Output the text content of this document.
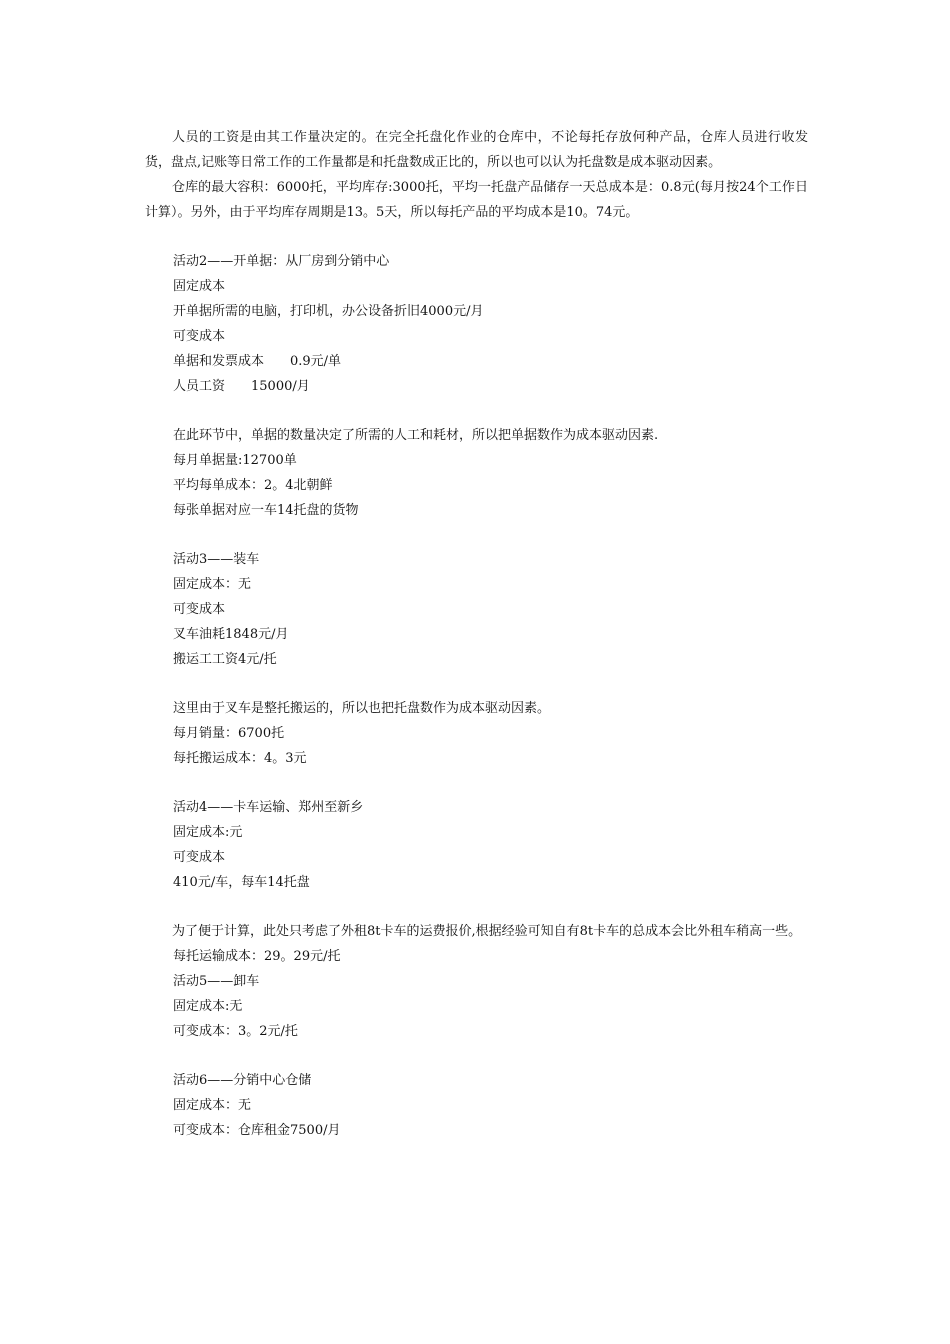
人员的工资是由其工作量决定的。在完全托盘化作业的仓库中，不论每托存放何种产品，仓库人员进行收发货，盘点,记账等日常工作的工作量都是和托盘数成正比的，所以也可以认为托盘数是成本驱动因素。

仓库的最大容积：6000托，平均库存:3000托，平均一托盘产品储存一天总成本是：0.8元(每月按24个工作日计算）。另外，由于平均库存周期是13。5天，所以每托产品的平均成本是10。74元。

活动2——开单据：从厂房到分销中心

固定成本

开单据所需的电脑，打印机，办公设备折旧4000元/月

可变成本

单据和发票成本　　0.9元/单

人员工资　　15000/月

在此环节中，单据的数量决定了所需的人工和耗材，所以把单据数作为成本驱动因素.

每月单据量:12700单

平均每单成本：2。4北朝鲜

每张单据对应一车14托盘的货物

活动3——装车

固定成本：无

可变成本

叉车油耗1848元/月

搬运工工资4元/托

这里由于叉车是整托搬运的，所以也把托盘数作为成本驱动因素。

每月销量：6700托

每托搬运成本：4。3元

活动4——卡车运输、郑州至新乡

固定成本:元

可变成本

410元/车，每车14托盘

为了便于计算，此处只考虑了外租8t卡车的运费报价,根据经验可知自有8t卡车的总成本会比外租车稍高一些。

每托运输成本：29。29元/托

活动5——卸车

固定成本:无

可变成本：3。2元/托

活动6——分销中心仓储

固定成本：无

可变成本：仓库租金7500/月
